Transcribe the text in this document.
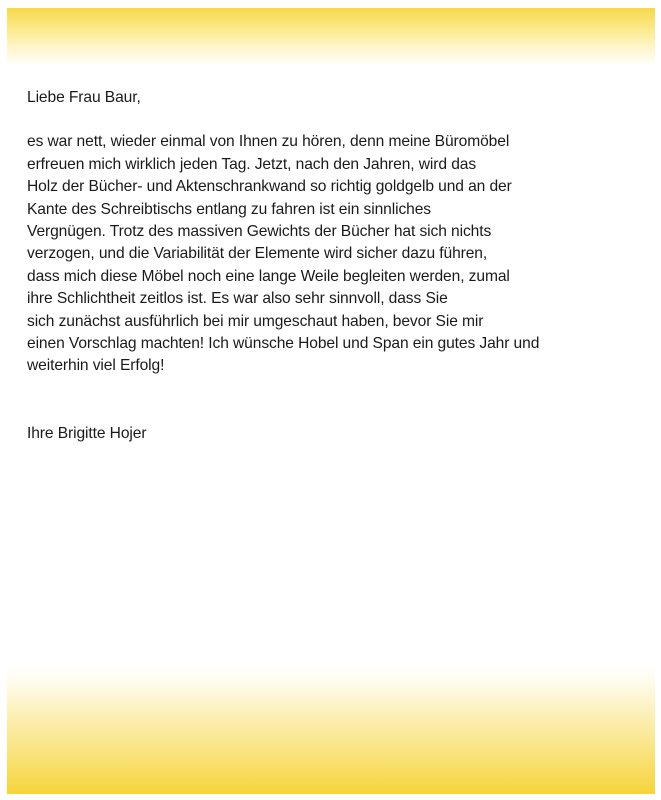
Liebe Frau Baur,

es war nett, wieder einmal von Ihnen zu hören, denn meine Büromöbel
erfreuen mich wirklich jeden Tag. Jetzt, nach den Jahren, wird das
Holz der Bücher- und Aktenschrankwand so richtig goldgelb und an der
Kante des Schreibtischs entlang zu fahren ist ein sinnliches
Vergnügen. Trotz des massiven Gewichts der Bücher hat sich nichts
verzogen, und die Variabilität der Elemente wird sicher dazu führen,
dass mich diese Möbel noch eine lange Weile begleiten werden, zumal
ihre Schlichtheit zeitlos ist. Es war also sehr sinnvoll, dass Sie
sich zunächst ausführlich bei mir umgeschaut haben, bevor Sie mir
einen Vorschlag machten! Ich wünsche Hobel und Span ein gutes Jahr und
weiterhin viel Erfolg!

Ihre Brigitte Hojer
